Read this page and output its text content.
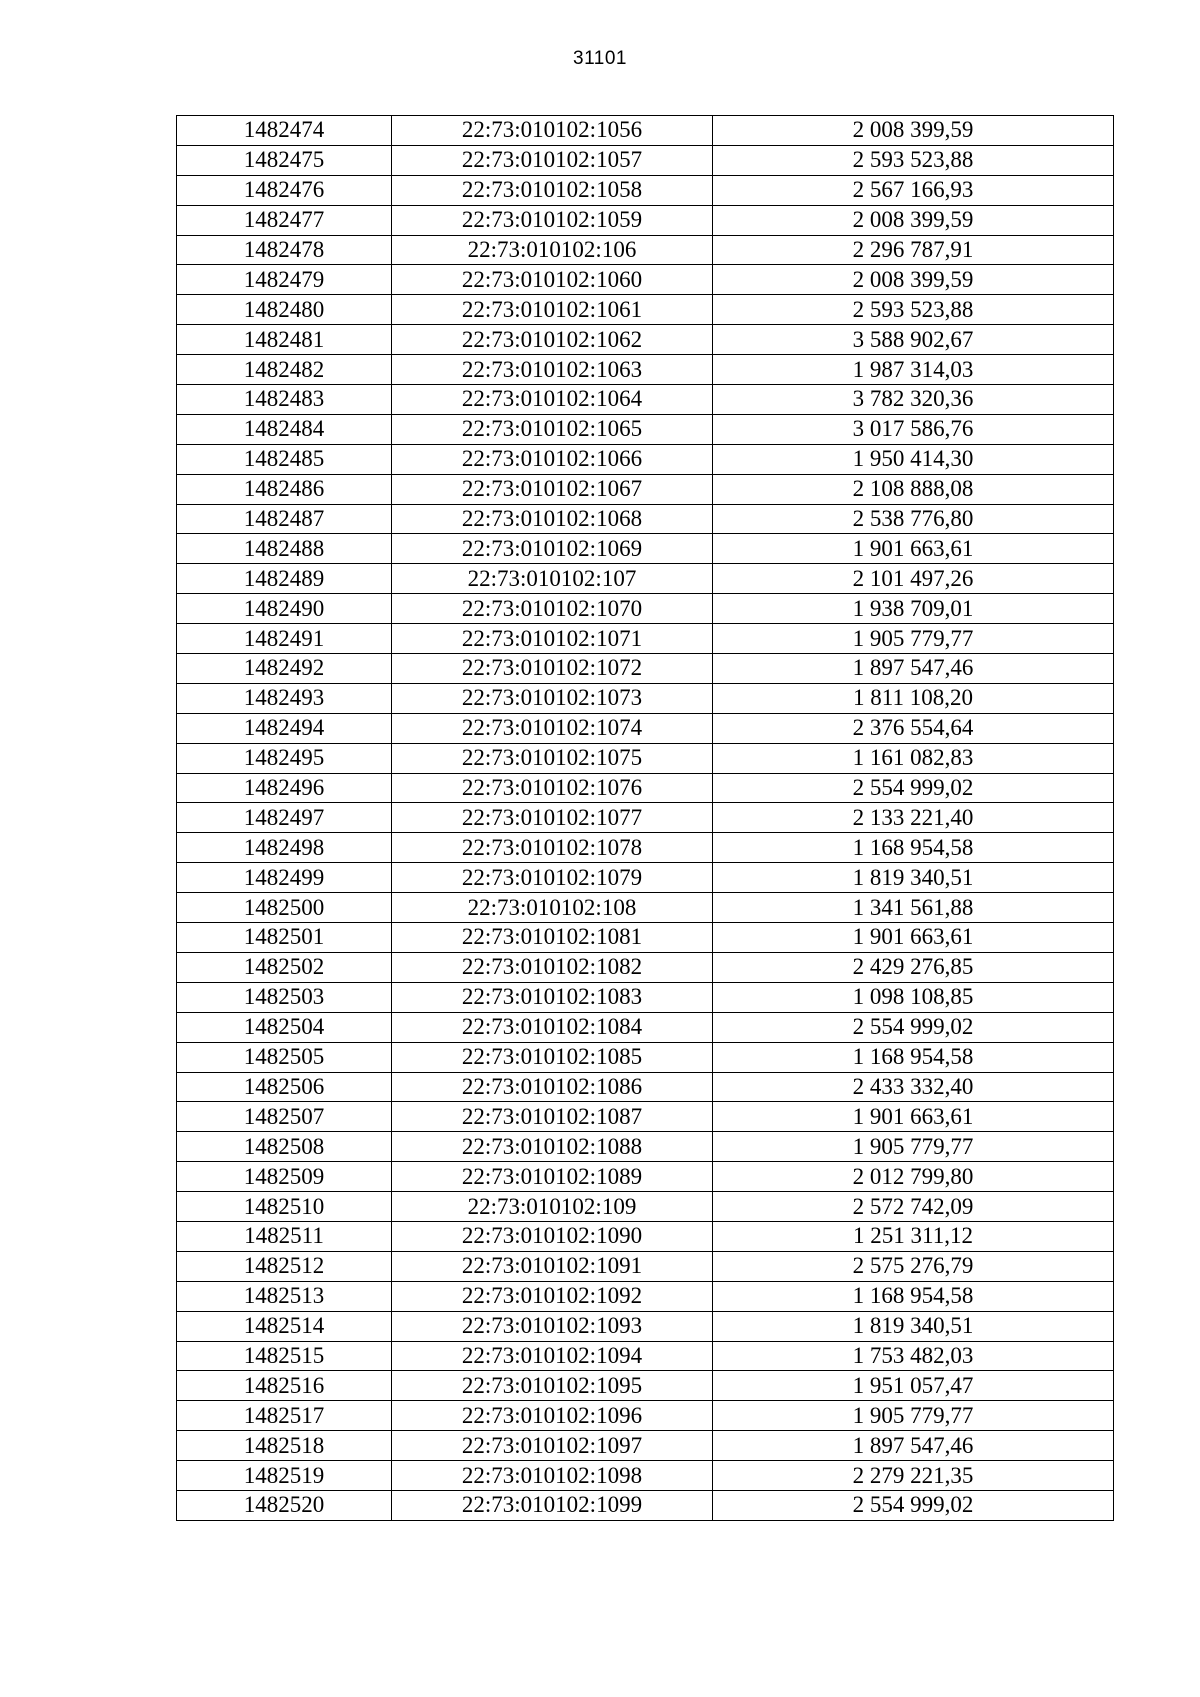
31101
1482474	22:73:010102:1056	2 008 399,59
1482475	22:73:010102:1057	2 593 523,88
1482476	22:73:010102:1058	2 567 166,93
1482477	22:73:010102:1059	2 008 399,59
1482478	22:73:010102:106	2 296 787,91
1482479	22:73:010102:1060	2 008 399,59
1482480	22:73:010102:1061	2 593 523,88
1482481	22:73:010102:1062	3 588 902,67
1482482	22:73:010102:1063	1 987 314,03
1482483	22:73:010102:1064	3 782 320,36
1482484	22:73:010102:1065	3 017 586,76
1482485	22:73:010102:1066	1 950 414,30
1482486	22:73:010102:1067	2 108 888,08
1482487	22:73:010102:1068	2 538 776,80
1482488	22:73:010102:1069	1 901 663,61
1482489	22:73:010102:107	2 101 497,26
1482490	22:73:010102:1070	1 938 709,01
1482491	22:73:010102:1071	1 905 779,77
1482492	22:73:010102:1072	1 897 547,46
1482493	22:73:010102:1073	1 811 108,20
1482494	22:73:010102:1074	2 376 554,64
1482495	22:73:010102:1075	1 161 082,83
1482496	22:73:010102:1076	2 554 999,02
1482497	22:73:010102:1077	2 133 221,40
1482498	22:73:010102:1078	1 168 954,58
1482499	22:73:010102:1079	1 819 340,51
1482500	22:73:010102:108	1 341 561,88
1482501	22:73:010102:1081	1 901 663,61
1482502	22:73:010102:1082	2 429 276,85
1482503	22:73:010102:1083	1 098 108,85
1482504	22:73:010102:1084	2 554 999,02
1482505	22:73:010102:1085	1 168 954,58
1482506	22:73:010102:1086	2 433 332,40
1482507	22:73:010102:1087	1 901 663,61
1482508	22:73:010102:1088	1 905 779,77
1482509	22:73:010102:1089	2 012 799,80
1482510	22:73:010102:109	2 572 742,09
1482511	22:73:010102:1090	1 251 311,12
1482512	22:73:010102:1091	2 575 276,79
1482513	22:73:010102:1092	1 168 954,58
1482514	22:73:010102:1093	1 819 340,51
1482515	22:73:010102:1094	1 753 482,03
1482516	22:73:010102:1095	1 951 057,47
1482517	22:73:010102:1096	1 905 779,77
1482518	22:73:010102:1097	1 897 547,46
1482519	22:73:010102:1098	2 279 221,35
1482520	22:73:010102:1099	2 554 999,02
